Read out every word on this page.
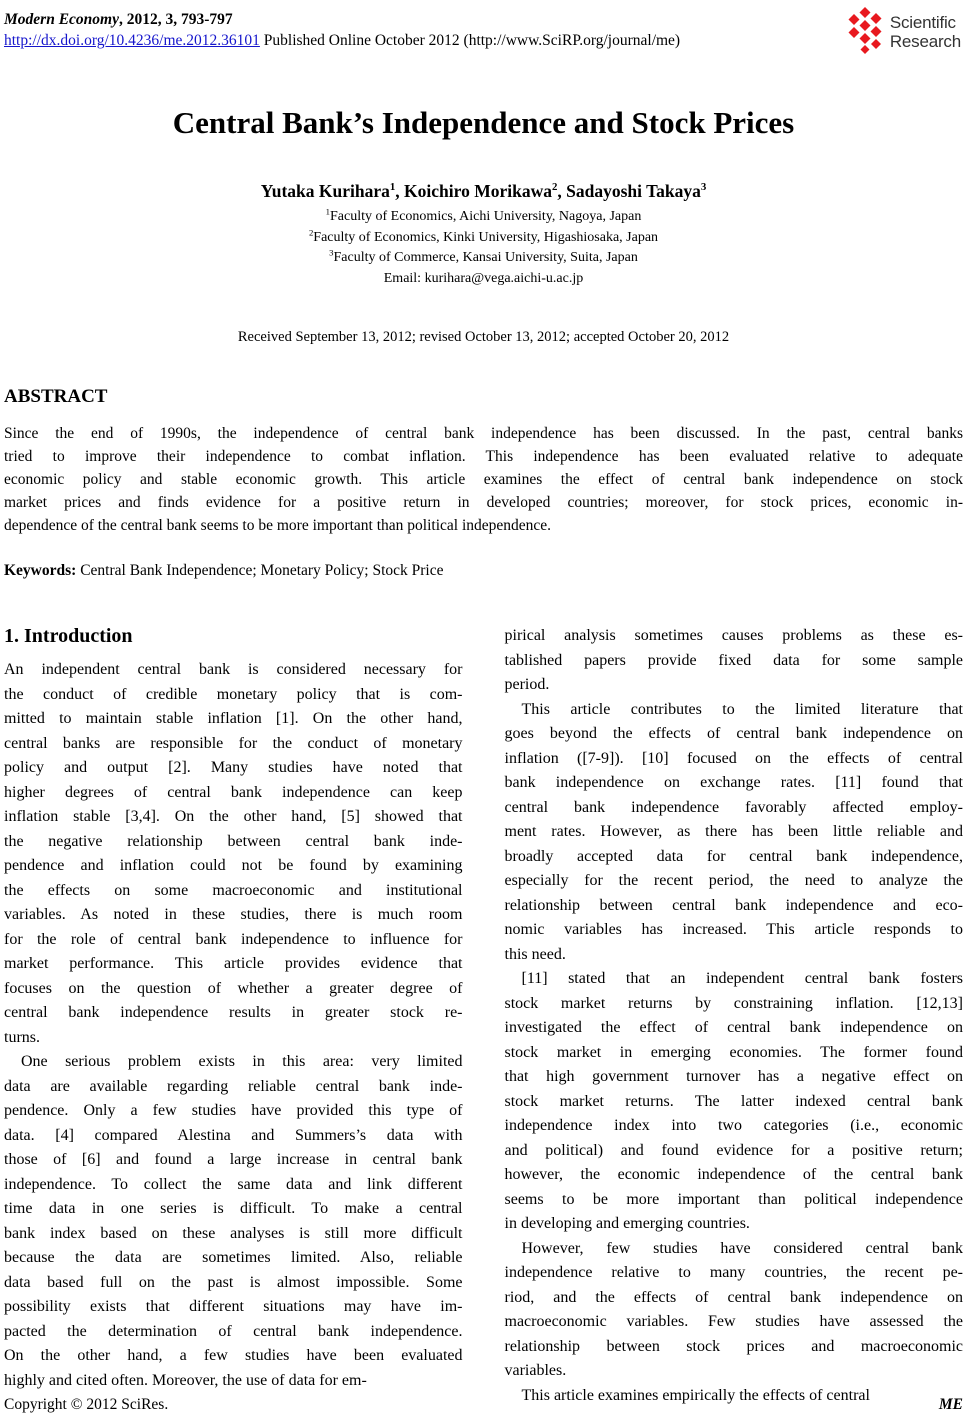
Modern Economy, 2012, 3, 793-797
http://dx.doi.org/10.4236/me.2012.36101 Published Online October 2012 (http://www.SciRP.org/journal/me)
Scientific
Research
Central Bank’s Independence and Stock Prices
Yutaka Kurihara$^1$, Koichiro Morikawa$^2$, Sadayoshi Takaya$^3$
$^1$Faculty of Economics, Aichi University, Nagoya, Japan
$^2$Faculty of Economics, Kinki University, Higashiosaka, Japan
$^3$Faculty of Commerce, Kansai University, Suita, Japan
Email: kurihara@vega.aichi-u.ac.jp
Received September 13, 2012; revised October 13, 2012; accepted October 20, 2012
ABSTRACT
Since the end of 1990s, the independence of central bank independence has been discussed. In the past, central banks
tried to improve their independence to combat inflation. This independence has been evaluated relative to adequate
economic policy and stable economic growth. This article examines the effect of central bank independence on stock
market prices and finds evidence for a positive return in developed countries; moreover, for stock prices, economic in-
dependence of the central bank seems to be more important than political independence.
Keywords: Central Bank Independence; Monetary Policy; Stock Price
1. Introduction
An independent central bank is considered necessary for
the conduct of credible monetary policy that is com-
mitted to maintain stable inflation [1]. On the other hand,
central banks are responsible for the conduct of monetary
policy and output [2]. Many studies have noted that
higher degrees of central bank independence can keep
inflation stable [3,4]. On the other hand, [5] showed that
the negative relationship between central bank inde-
pendence and inflation could not be found by examining
the effects on some macroeconomic and institutional
variables. As noted in these studies, there is much room
for the role of central bank independence to influence for
market performance. This article provides evidence that
focuses on the question of whether a greater degree of
central bank independence results in greater stock re-
turns.
One serious problem exists in this area: very limited
data are available regarding reliable central bank inde-
pendence. Only a few studies have provided this type of
data. [4] compared Alestina and Summers’s data with
those of [6] and found a large increase in central bank
independence. To collect the same data and link different
time data in one series is difficult. To make a central
bank index based on these analyses is still more difficult
because the data are sometimes limited. Also, reliable
data based full on the past is almost impossible. Some
possibility exists that different situations may have im-
pacted the determination of central bank independence.
On the other hand, a few studies have been evaluated
highly and cited often. Moreover, the use of data for em-
pirical analysis sometimes causes problems as these es-
tablished papers provide fixed data for some sample
period.
This article contributes to the limited literature that
goes beyond the effects of central bank independence on
inflation ([7-9]). [10] focused on the effects of central
bank independence on exchange rates. [11] found that
central bank independence favorably affected employ-
ment rates. However, as there has been little reliable and
broadly accepted data for central bank independence,
especially for the recent period, the need to analyze the
relationship between central bank independence and eco-
nomic variables has increased. This article responds to
this need.
[11] stated that an independent central bank fosters
stock market returns by constraining inflation. [12,13]
investigated the effect of central bank independence on
stock market in emerging economies. The former found
that high government turnover has a negative effect on
stock market returns. The latter indexed central bank
independence index into two categories (i.e., economic
and political) and found evidence for a positive return;
however, the economic independence of the central bank
seems to be more important than political independence
in developing and emerging countries.
However, few studies have considered central bank
independence relative to many countries, the recent pe-
riod, and the effects of central bank independence on
macroeconomic variables. Few studies have assessed the
relationship between stock prices and macroeconomic
variables.
This article examines empirically the effects of central
Copyright © 2012 SciRes.	ME
